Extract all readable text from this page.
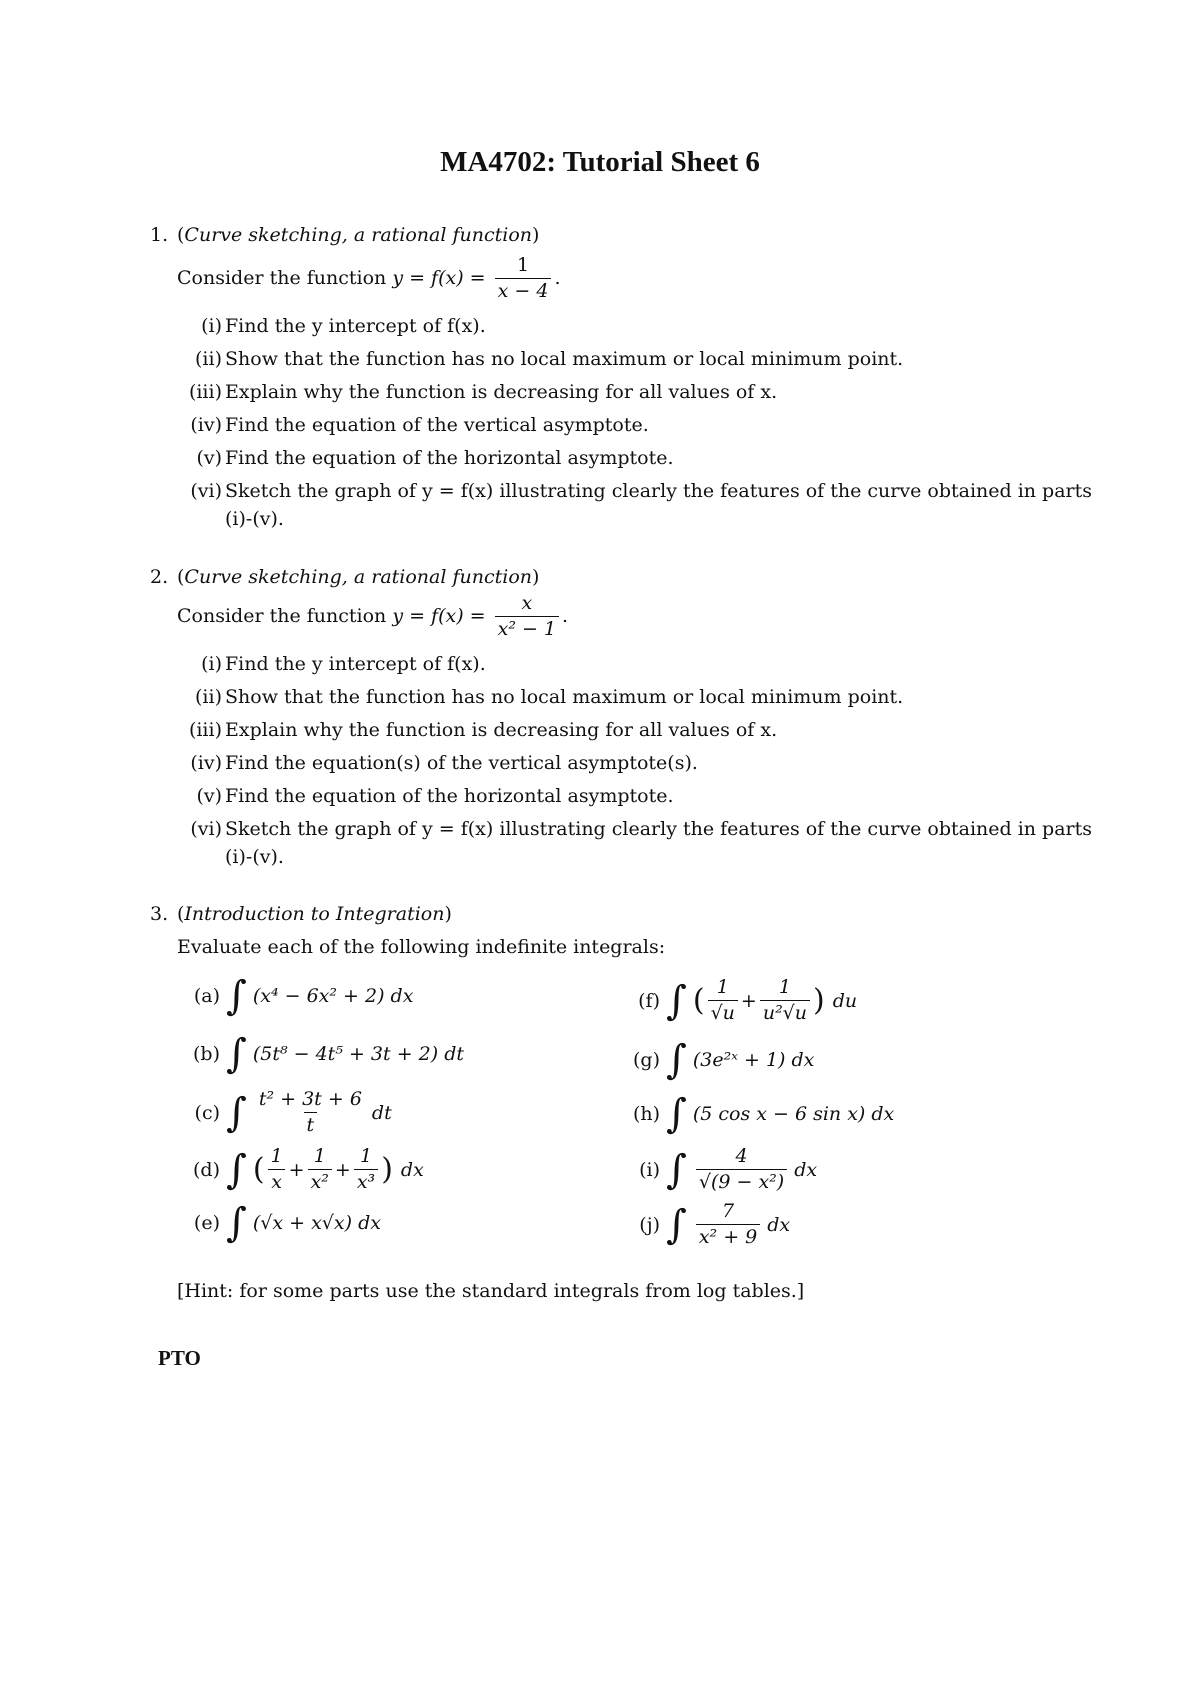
MA4702: Tutorial Sheet 6
1. (Curve sketching, a rational function)
Consider the function $y = f(x) = \frac{1}{x - 4}$ .
(i) Find the y intercept of f(x).
(ii) Show that the function has no local maximum or local minimum point.
(iii) Explain why the function is decreasing for all values of x.
(iv) Find the equation of the vertical asymptote.
(v) Find the equation of the horizontal asymptote.
(vi) Sketch the graph of y = f(x) illustrating clearly the features of the curve obtained in parts (i)-(v).
2. (Curve sketching, a rational function)
Consider the function $y = f(x) = \frac{x}{\text{x² − 1}}$ .
(i) Find the y intercept of f(x).
(ii) Show that the function has no local maximum or local minimum point.
(iii) Explain why the function is decreasing for all values of x.
(iv) Find the equation(s) of the vertical asymptote(s).
(v) Find the equation of the horizontal asymptote.
(vi) Sketch the graph of y = f(x) illustrating clearly the features of the curve obtained in parts (i)-(v).
3. (Introduction to Integration)
Evaluate each of the following indefinite integrals:
(a) ∫ (x⁴ − 6x² + 2) dx
(b) ∫ (5t⁸ − 4t⁵ + 3t + 2) dt
(c) ∫ $\frac{\text{t² + 3t + 6}}{t}$ dt
(d) ∫ ( $\frac{1}{x} + \frac{1}{\text{x²}} + \frac{1}{\text{x³}}$ ) dx
(e) ∫ (√x + x√x) dx
(f) ∫ ( $\frac{1}{√u} + \frac{1}{\text{u²√u}}$ ) du
(g) ∫ (3e²ˣ + 1) dx
(h) ∫ (5 cos x − 6 sin x) dx
(i) ∫ $\frac{4}{\text{√(9 − x²)}}$ dx
(j) ∫ $\frac{7}{\text{x² + 9}}$ dx
[Hint: for some parts use the standard integrals from log tables.]
PTO
